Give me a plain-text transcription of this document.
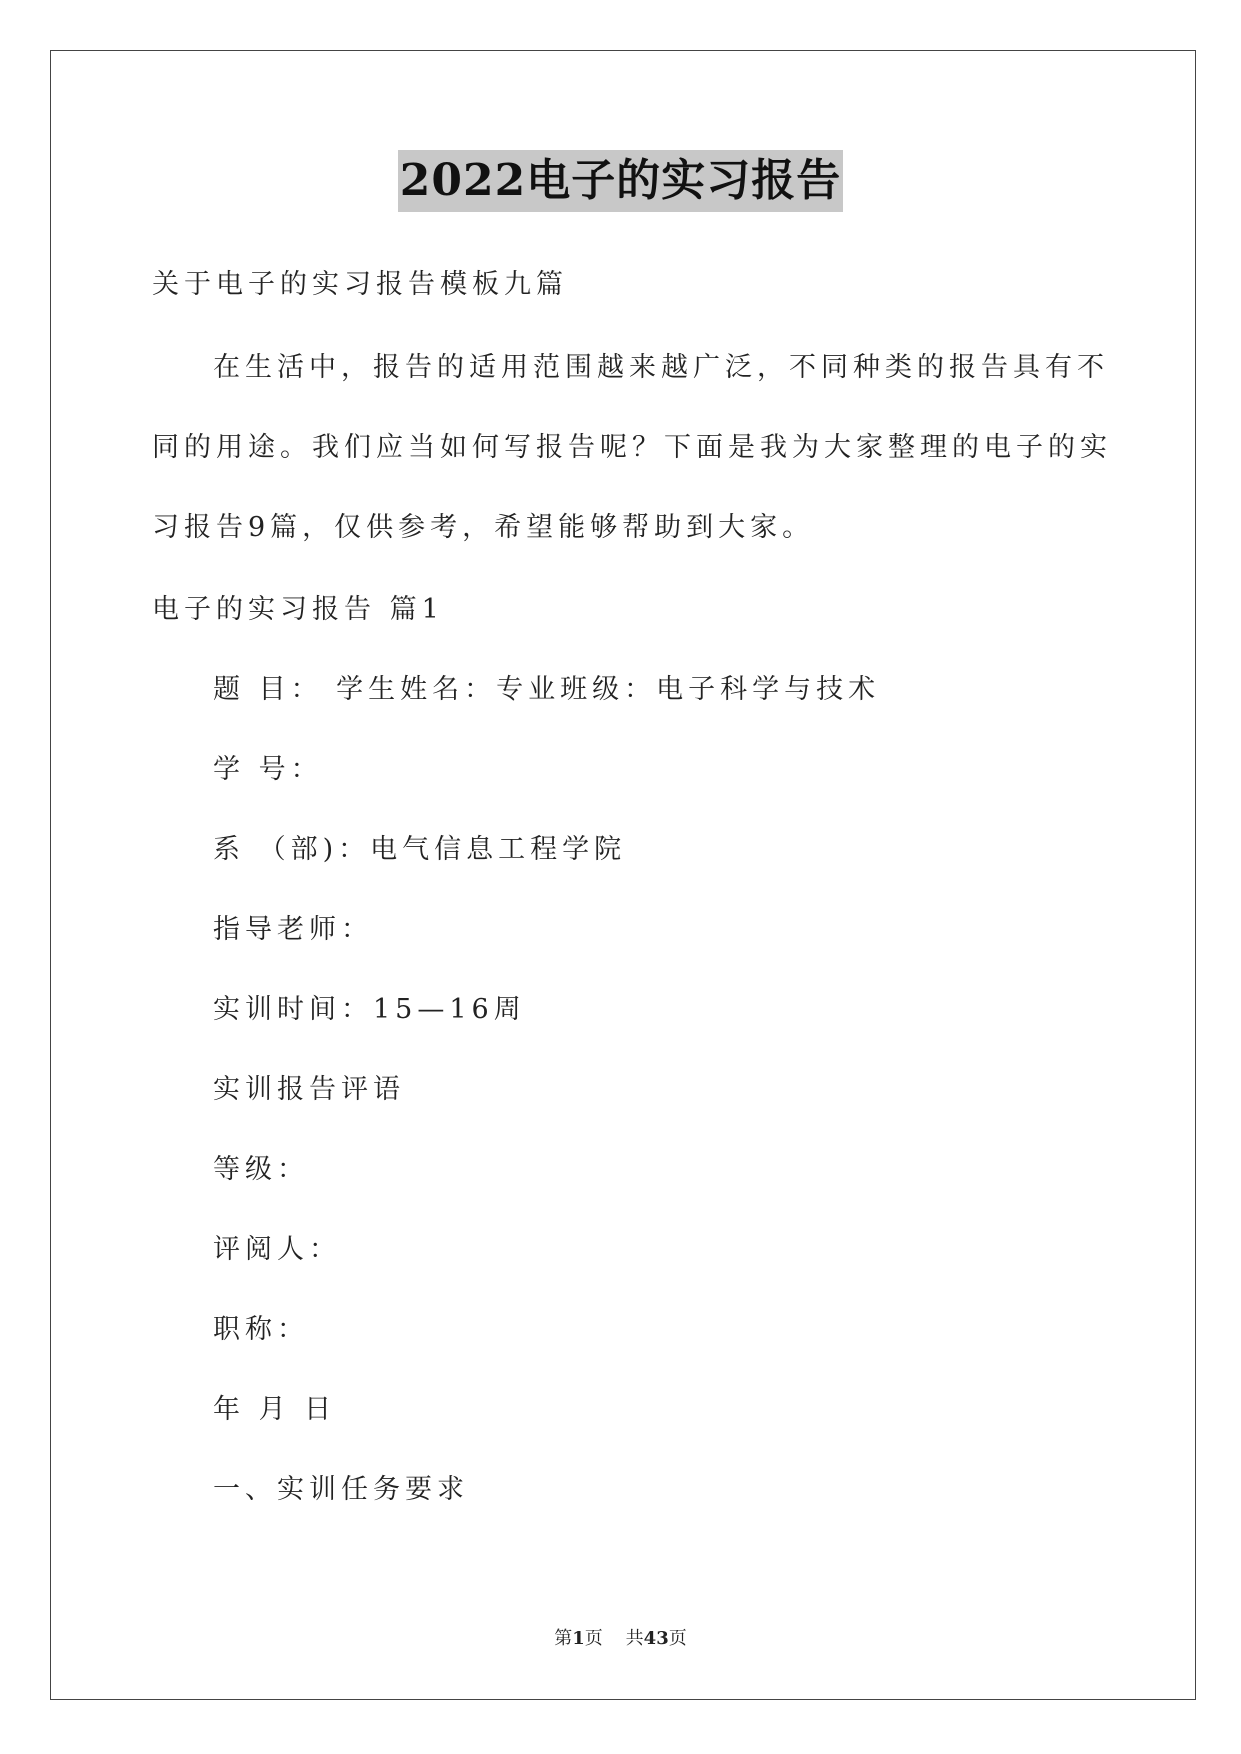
2022电子的实习报告
关于电子的实习报告模板九篇
在生活中，报告的适用范围越来越广泛，不同种类的报告具有不
同的用途。我们应当如何写报告呢？下面是我为大家整理的电子的实
习报告9篇，仅供参考，希望能够帮助到大家。
电子的实习报告 篇1
题 目： 学生姓名：专业班级：电子科学与技术
学 号：
系 （部)：电气信息工程学院
指导老师：
实训时间：15—16周
实训报告评语
等级：
评阅人：
职称：
年 月 日
一、实训任务要求
第1页 共43页
